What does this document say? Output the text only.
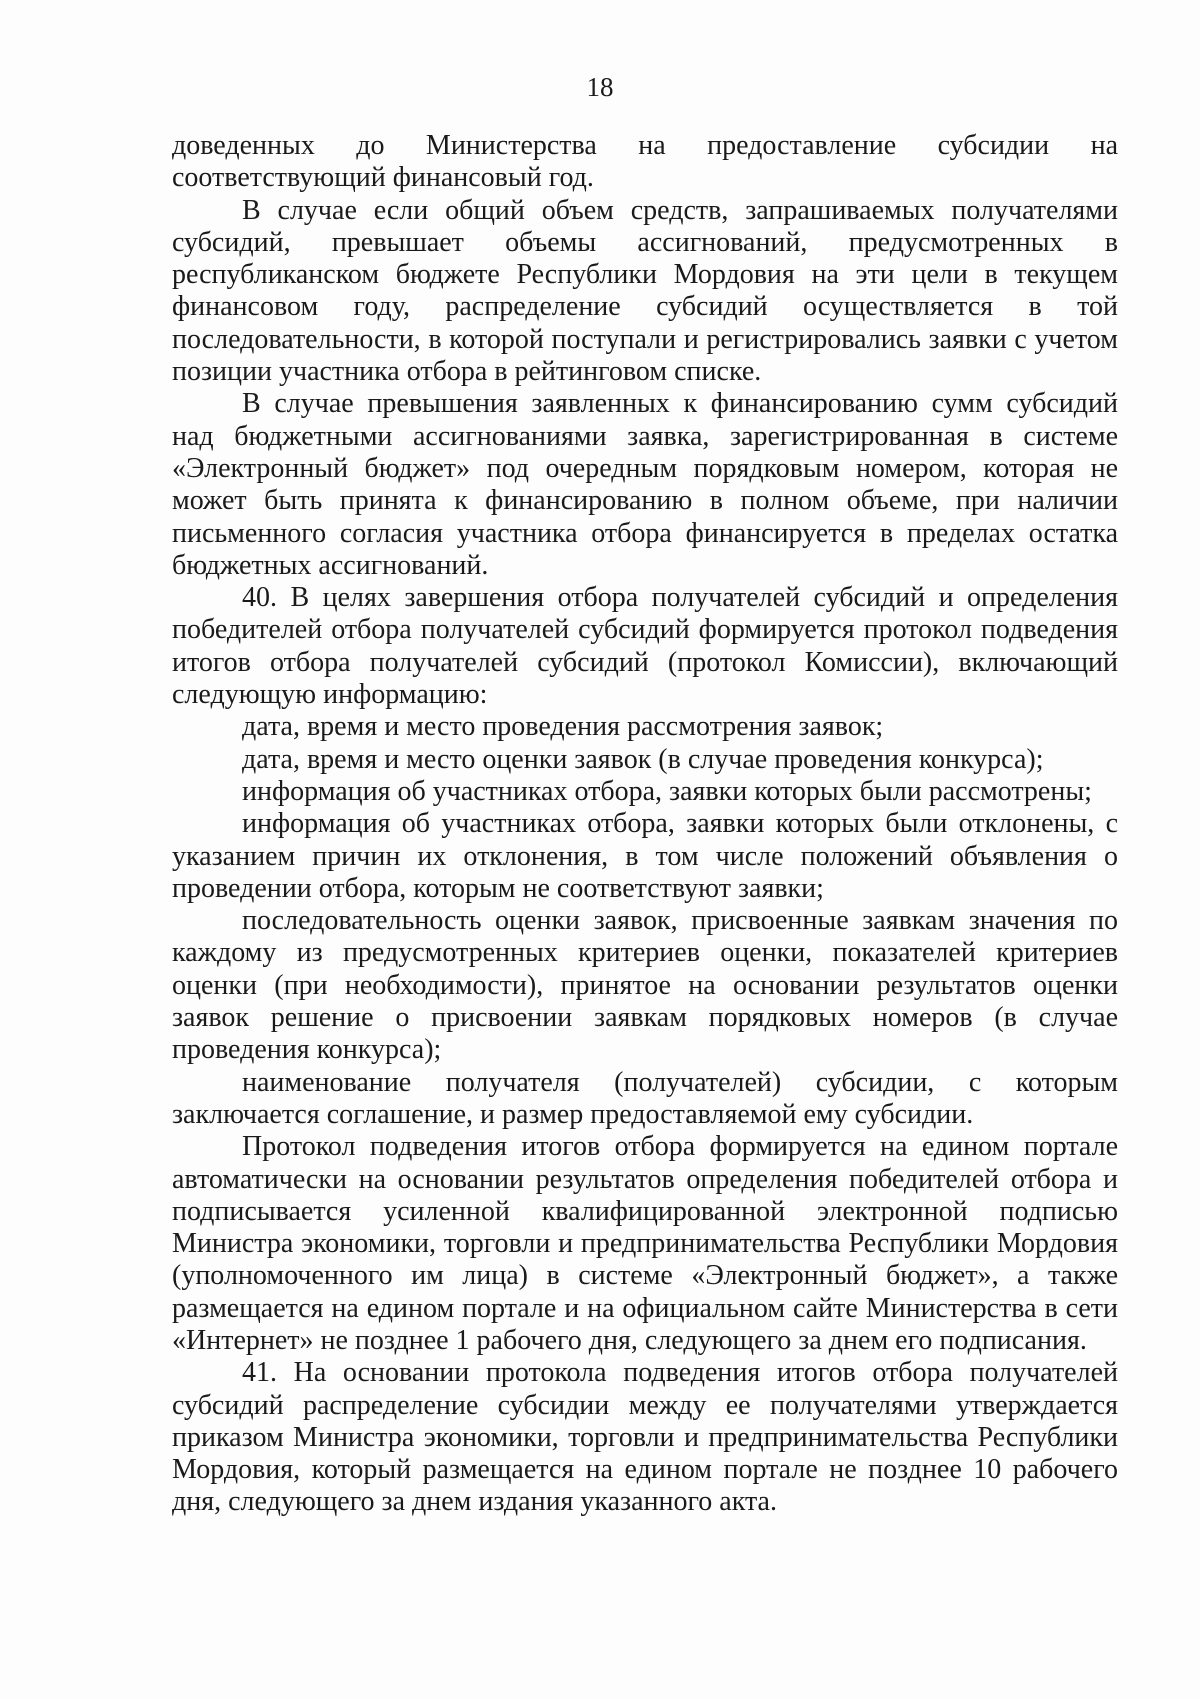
18

доведенных до Министерства на предоставление субсидии на соответствующий финансовый год.

В случае если общий объем средств, запрашиваемых получателями субсидий, превышает объемы ассигнований, предусмотренных в республиканском бюджете Республики Мордовия на эти цели в текущем финансовом году, распределение субсидий осуществляется в той последовательности, в которой поступали и регистрировались заявки с учетом позиции участника отбора в рейтинговом списке.

В случае превышения заявленных к финансированию сумм субсидий над бюджетными ассигнованиями заявка, зарегистрированная в системе «Электронный бюджет» под очередным порядковым номером, которая не может быть принята к финансированию в полном объеме, при наличии письменного согласия участника отбора финансируется в пределах остатка бюджетных ассигнований.

40. В целях завершения отбора получателей субсидий и определения победителей отбора получателей субсидий формируется протокол подведения итогов отбора получателей субсидий (протокол Комиссии), включающий следующую информацию:

дата, время и место проведения рассмотрения заявок;

дата, время и место оценки заявок (в случае проведения конкурса);

информация об участниках отбора, заявки которых были рассмотрены;

информация об участниках отбора, заявки которых были отклонены, с указанием причин их отклонения, в том числе положений объявления о проведении отбора, которым не соответствуют заявки;

последовательность оценки заявок, присвоенные заявкам значения по каждому из предусмотренных критериев оценки, показателей критериев оценки (при необходимости), принятое на основании результатов оценки заявок решение о присвоении заявкам порядковых номеров (в случае проведения конкурса);

наименование получателя (получателей) субсидии, с которым заключается соглашение, и размер предоставляемой ему субсидии.

Протокол подведения итогов отбора формируется на едином портале автоматически на основании результатов определения победителей отбора и подписывается усиленной квалифицированной электронной подписью Министра экономики, торговли и предпринимательства Республики Мордовия (уполномоченного им лица) в системе «Электронный бюджет», а также размещается на едином портале и на официальном сайте Министерства в сети «Интернет» не позднее 1 рабочего дня, следующего за днем его подписания.

41. На основании протокола подведения итогов отбора получателей субсидий распределение субсидии между ее получателями утверждается приказом Министра экономики, торговли и предпринимательства Республики Мордовия, который размещается на едином портале не позднее 10 рабочего дня, следующего за днем издания указанного акта.
